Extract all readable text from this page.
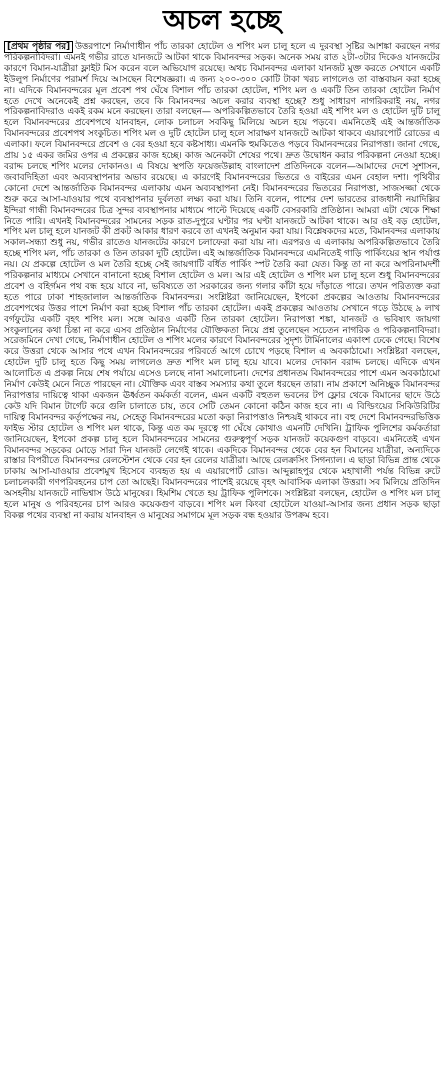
অচল হচ্ছে

[প্রথম পৃষ্ঠার পর] উত্তরপাশে নির্মাণাধীন পাঁচ তারকা হোটেল ও শপিং মল চালু হলে এ দুরবস্থা সৃষ্টির আশঙ্কা করছেন নগর পরিকল্পনাবিদরা। এমনই গভীর রাতে যানজটে আটকা থাকে বিমানবন্দর সড়ক। অনেক সময় রাত ২টা-৩টার দিকেও যানজটের কারণে বিমান-যাত্রীরা ফ্লাইট মিস করেন বলে অভিযোগ রয়েছে। অথচ বিমানবন্দর এলাকা যানজট মুক্ত করতে সেখানে একটি ইউলুপ নির্মাণের পরামর্শ দিয়ে আসছেন বিশেষজ্ঞরা। এ জন্য ২০০-৩০০ কোটি টাকা খরচ লাগলেও তা বাস্তবায়ন করা হচ্ছে না। এদিকে বিমানবন্দরের মূল প্রবেশ পথ ঘেঁষে বিশাল পাঁচ তারকা হোটেল, শপিং মল ও একটি তিন তারকা হোটেল নির্মাণ হতে দেখে অনেকেই প্রশ্ন করছেন, তবে কি বিমানবন্দর অচল করার ব্যবস্থা হচ্ছে? শুধু সাধারণ নাগরিকরাই নয়, নগর পরিকল্পনাবিদরাও একই রকম মনে করছেন। তারা বলছেন— অপরিকল্পিতভাবে তৈরি হওয়া এই শপিং মল ও হোটেল দুটি চালু হলে বিমানবন্দরের প্রবেশপথে যানবাহন, লোক চলাচল সবকিছু মিলিয়ে অচল হয়ে পড়বে। এমনিতেই এই আন্তর্জাতিক বিমানবন্দরের প্রবেশপথ সংকুচিত। শপিং মল ও দুটি হোটেল চালু হলে সারাক্ষণ যানজটে আটকা থাকবে এয়ারপোর্ট রোডের এ এলাকা। ফলে বিমানবন্দরে প্রবেশ ও বের হওয়া হবে কষ্টসাধ্য। এমনকি হুমকিতেও পড়বে বিমানবন্দরের নিরাপত্তা। জানা গেছে, প্রায় ১৫ একর জমির ওপর এ প্রকল্পের কাজ হচ্ছে। কাজ অনেকটা শেষের পথে। দ্রুত উদ্বোধন করার পরিকল্পনা নেওয়া হচ্ছে। বরাদ্দ চলছে শপিং মলের দোকানও। এ বিষয়ে স্থপতি ফয়েজউল্লাহ বাংলাদেশ প্রতিদিনকে বলেন—আমাদের দেশে সুশাসন, জবাবদিহিতা এবং অব্যবস্থাপনার অভাব রয়েছে। এ কারণেই বিমানবন্দরের ভিতরে ও বাইরের এমন বেহাল দশা। পৃথিবীর কোনো দেশে আন্তর্জাতিক বিমানবন্দর এলাকায় এমন অব্যবস্থাপনা নেই। বিমানবন্দরের ভিতরের নিরাপত্তা, সাজসজ্জা থেকে শুরু করে আসা-যাওয়ার পথে ব্যবস্থাপনার দুর্বলতা লক্ষ্য করা যায়। তিনি বলেন, পাশের দেশ ভারতের রাজধানী নয়াদিল্লির ইন্দিরা গান্ধী বিমানবন্দরের চিত্র সুন্দর ব্যবস্থাপনার মাধ্যমে পাল্টে দিয়েছে একটি বেসরকারি প্রতিষ্ঠান। আমরা এটা থেকে শিক্ষা নিতে পারি। এখনই বিমানবন্দরের সামনের সড়ক রাত-দুপুরে ঘণ্টার পর ঘণ্টা যানজটে আটকা থাকে। আর ওই বড় হোটেল, শপিং মল চালু হলে যানজট কী প্রকট আকার ধারণ করবে তা এখনই অনুমান করা যায়। বিশ্লেষকদের মতে, বিমানবন্দর এলাকায় সকাল-সন্ধ্যা শুধু নয়, গভীর রাতেও যানজটের কারণে চলাফেরা করা যায় না। এরপরও এ এলাকায় অপরিকল্পিতভাবে তৈরি হচ্ছে শপিং মল, পাঁচ তারকা ও তিন তারকা দুটি হোটেল। এই আন্তর্জাতিক বিমানবন্দরে এমনিতেই গাড়ি পার্কিংয়ের স্থান পর্যাপ্ত নয়। যে প্রকল্পে হোটেল ও মল তৈরি হচ্ছে সেই জায়গাটি বর্ধিত পার্কিং স্পট তৈরি করা যেত। কিন্তু তা না করে অপরিনামদর্শী পরিকল্পনার মাধ্যমে সেখানে বানানো হচ্ছে বিশাল হোটেল ও মল। আর এই হোটেল ও শপিং মল চালু হলে শুধু বিমানবন্দরের প্রবেশ ও বহির্গমন পথ বন্ধ হয়ে যাবে না, ভবিষ্যতে তা সরকারের জন্য গলার কাঁটা হয়ে দাঁড়াতে পারে। তখন পরিত্যক্ত করা হতে পারে ঢাকা শাহজালাল আন্তর্জাতিক বিমানবন্দর। সংশ্লিষ্টরা জানিয়েছেন, ইপকো প্রকল্পের আওতায় বিমানবন্দরের প্রবেশপথের উত্তর পাশে নির্মাণ করা হচ্ছে বিশাল পাঁচ তারকা হোটেল। একই প্রকল্পের আওতায় সেখানে গড়ে উঠছে ৯ লাখ বর্গফুটের একটি বৃহৎ শপিং মল। সঙ্গে আরও একটি তিন তারকা হোটেল। নিরাপত্তা শঙ্কা, যানজট ও ভবিষ্যৎ জায়গা সংকুলানের কথা চিন্তা না করে এসব প্রতিষ্ঠান নির্মাণের যৌক্তিকতা নিয়ে প্রশ্ন তুলেছেন সচেতন নাগরিক ও পরিকল্পনাবিদরা। সরেজমিনে দেখা গেছে, নির্মাণাধীন হোটেল ও শপিং মলের কারণে বিমানবন্দরের সুদৃশ্য টার্মিনালের একাংশ ঢেকে গেছে। বিশেষ করে উত্তরা থেকে আসার পথে এখন বিমানবন্দরের পরিবর্তে আগে চোখে পড়ছে বিশাল এ অবকাঠামো। সংশ্লিষ্টরা বলছেন, হোটেল দুটি চালু হতে কিছু সময় লাগলেও দ্রুত শপিং মল চালু হয়ে যাবে। মলের দোকান বরাদ্দ চলছে। এদিকে এখন আলোচিত এ প্রকল্প নিয়ে শেষ পর্যায়ে এসেও চলছে নানা সমালোচনা। দেশের প্রধানতম বিমানবন্দরের পাশে এমন অবকাঠামো নির্মাণ কেউই মেনে নিতে পারছেন না। যৌক্তিক এবং বাস্তব সমস্যার কথা তুলে ধরছেন তারা। নাম প্রকাশে অনিচ্ছুক বিমানবন্দর নিরাপত্তার দায়িত্বে থাকা একজন ঊর্ধ্বতন কর্মকর্তা বলেন, এমন একটি বহুতল ভবনের টপ ফ্লোর থেকে বিমানের ছাদে উঠে কেউ যদি বিমান টার্গেট করে গুলি চালাতে চায়, তবে সেটি তেমন কোনো কঠিন কাজ হবে না। এ বিল্ডিংয়ের সিকিউরিটির দায়িত্ব বিমানবন্দর কর্তৃপক্ষের নয়, সেহেতু বিমানবন্দরের মতো কড়া নিরাপত্তাও নিশ্চয়ই থাকবে না। বহু দেশে বিমানবন্দরভিত্তিক ফাইভ স্টার হোটেল ও শপিং মল থাকে, কিন্তু এত কম দূরত্বে গা ঘেঁষে কোথাও এমনটি দেখিনি। ট্রাফিক পুলিশের কর্মকর্তারা জানিয়েছেন, ইপকো প্রকল্প চালু হলে বিমানবন্দরের সামনের গুরুত্বপূর্ণ সড়ক যানজট কয়েকগুণ বাড়বে। এমনিতেই এখন বিমানবন্দর সড়কের মোড়ে সারা দিন যানজট লেগেই থাকে। একদিকে বিমানবন্দর থেকে বের হন বিমানের যাত্রীরা, অন্যদিকে রাস্তার বিপরীতে বিমানবন্দর রেলস্টেশন থেকে বের হন রেলের যাত্রীরা। আছে রেলক্রসিং সিগন্যাল। এ ছাড়া বিভিন্ন প্রান্ত থেকে ঢাকায় আসা-যাওয়ার প্রবেশমুখ হিসেবে ব্যবহৃত হয় এ এয়ারপোর্ট রোড। আব্দুল্লাহপুর থেকে মহাখালী পর্যন্ত বিভিন্ন রুটে চলাচলকারী গণপরিবহনের চাপ তো আছেই। বিমানবন্দরের পাশেই রয়েছে বৃহৎ আবাসিক এলাকা উত্তরা। সব মিলিয়ে প্রতিদিন অসহনীয় যানজটে নাভিশ্বাস উঠে মানুষের। হিমশিম খেতে হয় ট্রাফিক পুলিশকে। সংশ্লিষ্টরা বলছেন, হোটেল ও শপিং মল চালু হলে মানুষ ও পরিবহনের চাপ আরও কয়েকগুণ বাড়বে। শপিং মল কিংবা হোটেলে যাওয়া-আসার জন্য প্রধান সড়ক ছাড়া বিকল্প পথের ব্যবস্থা না করায় যানবাহন ও মানুষের সমাগমে মূল সড়ক বন্ধ হওয়ার উপক্রম হবে।
